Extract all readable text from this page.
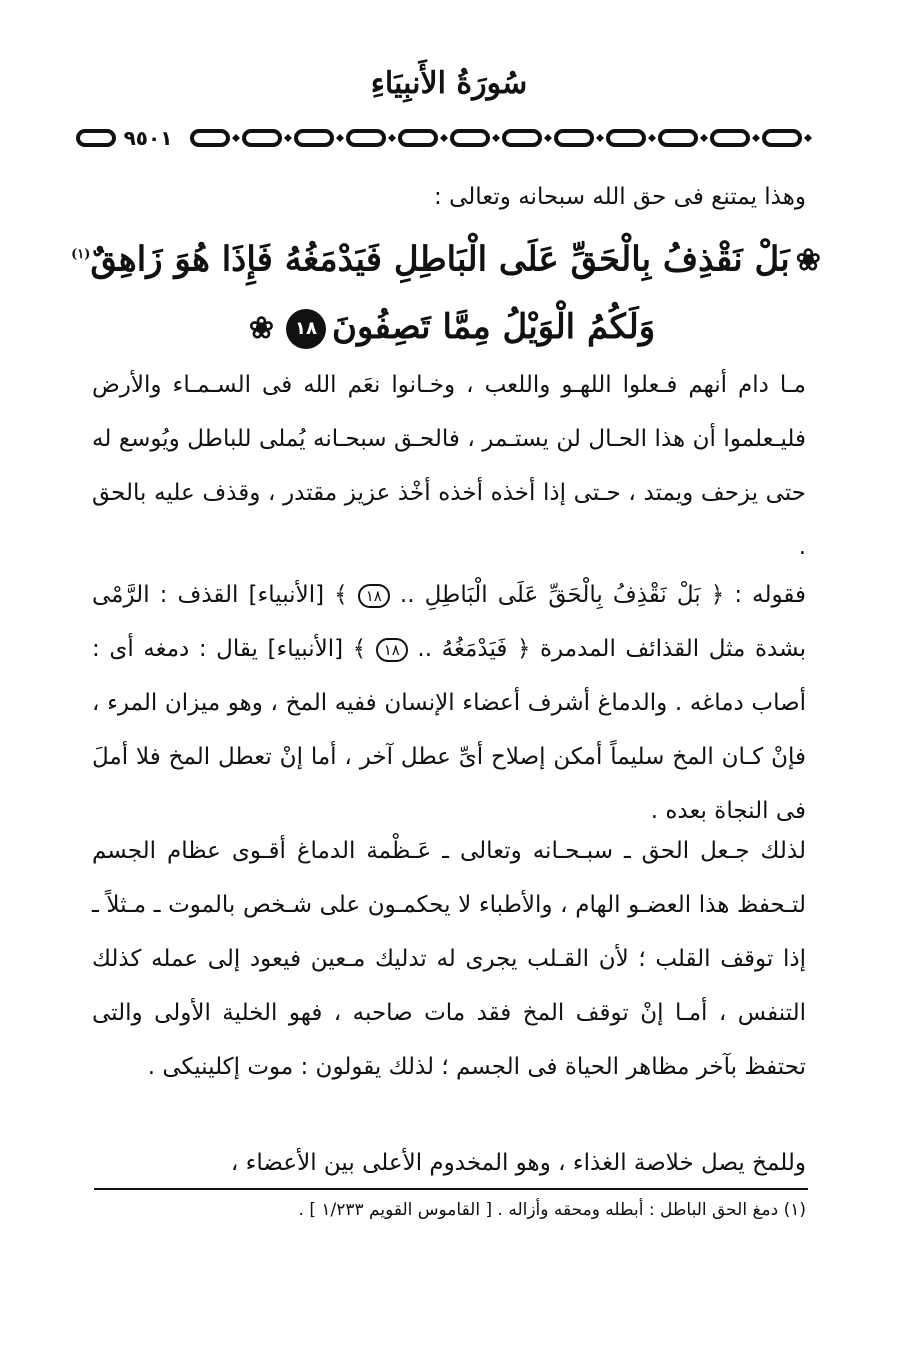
سُورَةُ الأَنبِيَاءِ
٩٥٠١
وهذا يمتنع فى حق الله سبحانه وتعالى :
❀بَلْ نَقْذِفُ بِالْحَقِّ عَلَى الْبَاطِلِ فَيَدْمَغُهُ فَإِذَا هُوَ زَاهِقٌ$^{(١)}$
وَلَكُمُ الْوَيْلُ مِمَّا تَصِفُونَ١٨❀

مـا دام أنهم فـعلوا اللهـو واللعب ، وخـانوا نعَم الله فى السـمـاء والأرض فليـعلموا أن هذا الحـال لن يستـمر ، فالحـق سبحـانه يُملى للباطل ويُوسع له حتى يزحف ويمتد ، حـتى إذا أخذه أخذه أخْذ عزيز مقتدر ، وقذف عليه بالحق .

فقوله : ﴿ بَلْ نَقْذِفُ بِالْحَقِّ عَلَى الْبَاطِلِ .. ١٨ ﴾ [الأنبياء] القذف : الرَّمْى بشدة مثل القذائف المدمرة ﴿ فَيَدْمَغُهُ .. ١٨ ﴾ [الأنبياء] يقال : دمغه أى : أصاب دماغه . والدماغ أشرف أعضاء الإنسان ففيه المخ ، وهو ميزان المرء ، فإنْ كـان المخ سليماً أمكن إصلاح أىِّ عطل آخر ، أما إنْ تعطل المخ فلا أملَ فى النجاة بعده .

لذلك جـعل الحق ـ سبـحـانه وتعالى ـ عَـظْمة الدماغ أقـوى عظام الجسم لتـحفظ هذا العضـو الهام ، والأطباء لا يحكمـون على شـخص بالموت ـ مـثلاً ـ إذا توقف القلب ؛ لأن القـلب يجرى له تدليك مـعين فيعود إلى عمله كذلك التنفس ، أمـا إنْ توقف المخ فقد مات صاحبه ، فهو الخلية الأولى والتى تحتفظ بآخر مظاهر الحياة فى الجسم ؛ لذلك يقولون : موت إكلينيكى .

وللمخ يصل خلاصة الغذاء ، وهو المخدوم الأعلى بين الأعضاء ،

(١) دمغ الحق الباطل : أبطله ومحقه وأزاله . [ القاموس القويم ١/٢٣٣ ] .
